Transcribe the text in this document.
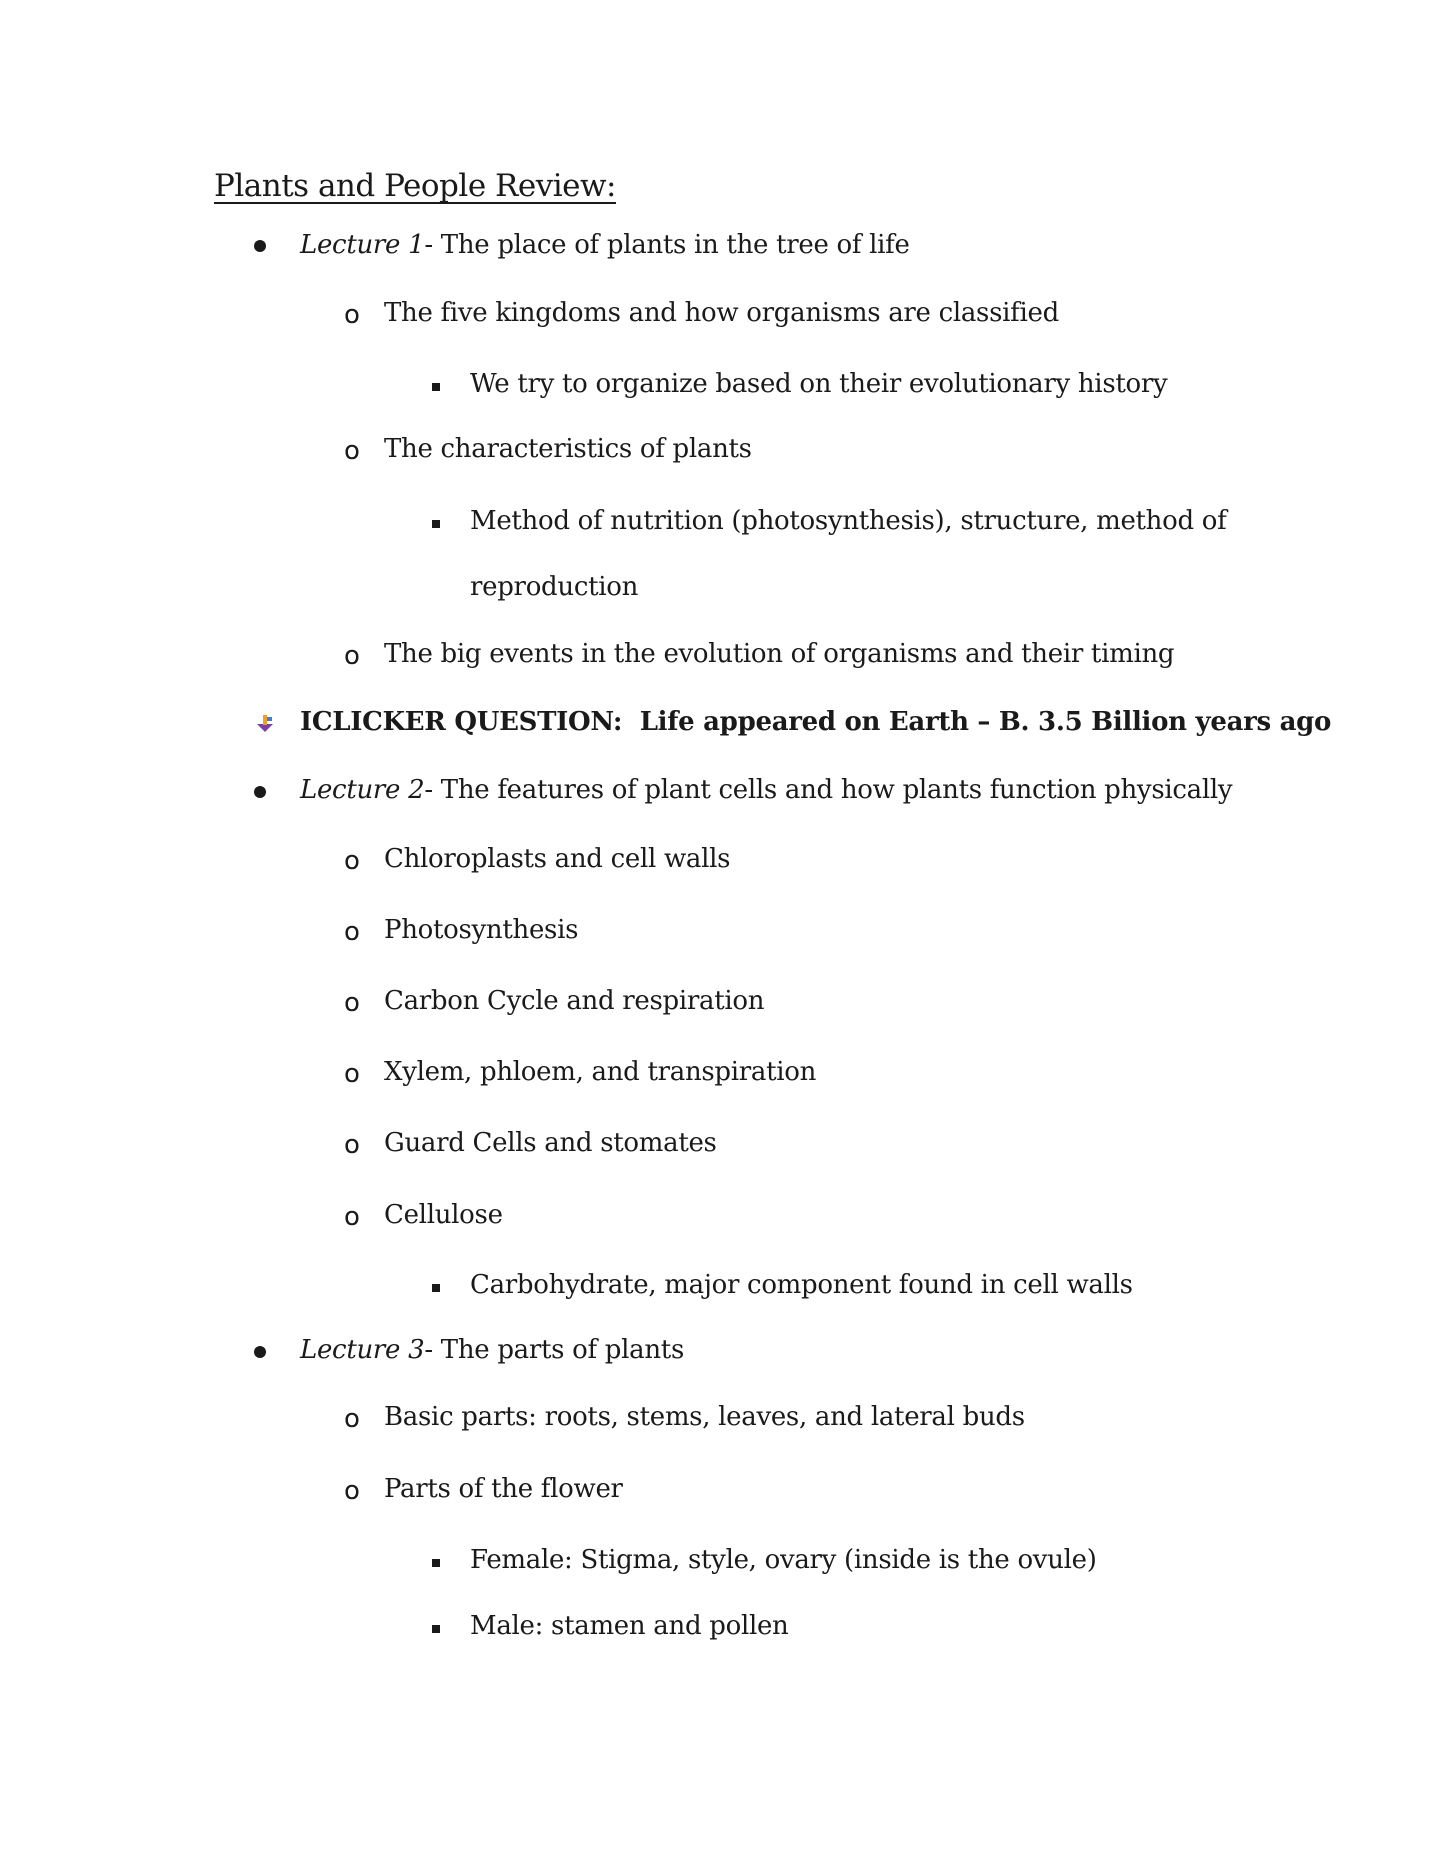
Plants and People Review:
Lecture 1- The place of plants in the tree of life
o The five kingdoms and how organisms are classified
We try to organize based on their evolutionary history
o The characteristics of plants
Method of nutrition (photosynthesis), structure, method of
reproduction
o The big events in the evolution of organisms and their timing
ICLICKER QUESTION: Life appeared on Earth – B. 3.5 Billion years ago
Lecture 2- The features of plant cells and how plants function physically
o Chloroplasts and cell walls
o Photosynthesis
o Carbon Cycle and respiration
o Xylem, phloem, and transpiration
o Guard Cells and stomates
o Cellulose
Carbohydrate, major component found in cell walls
Lecture 3- The parts of plants
o Basic parts: roots, stems, leaves, and lateral buds
o Parts of the flower
Female: Stigma, style, ovary (inside is the ovule)
Male: stamen and pollen
